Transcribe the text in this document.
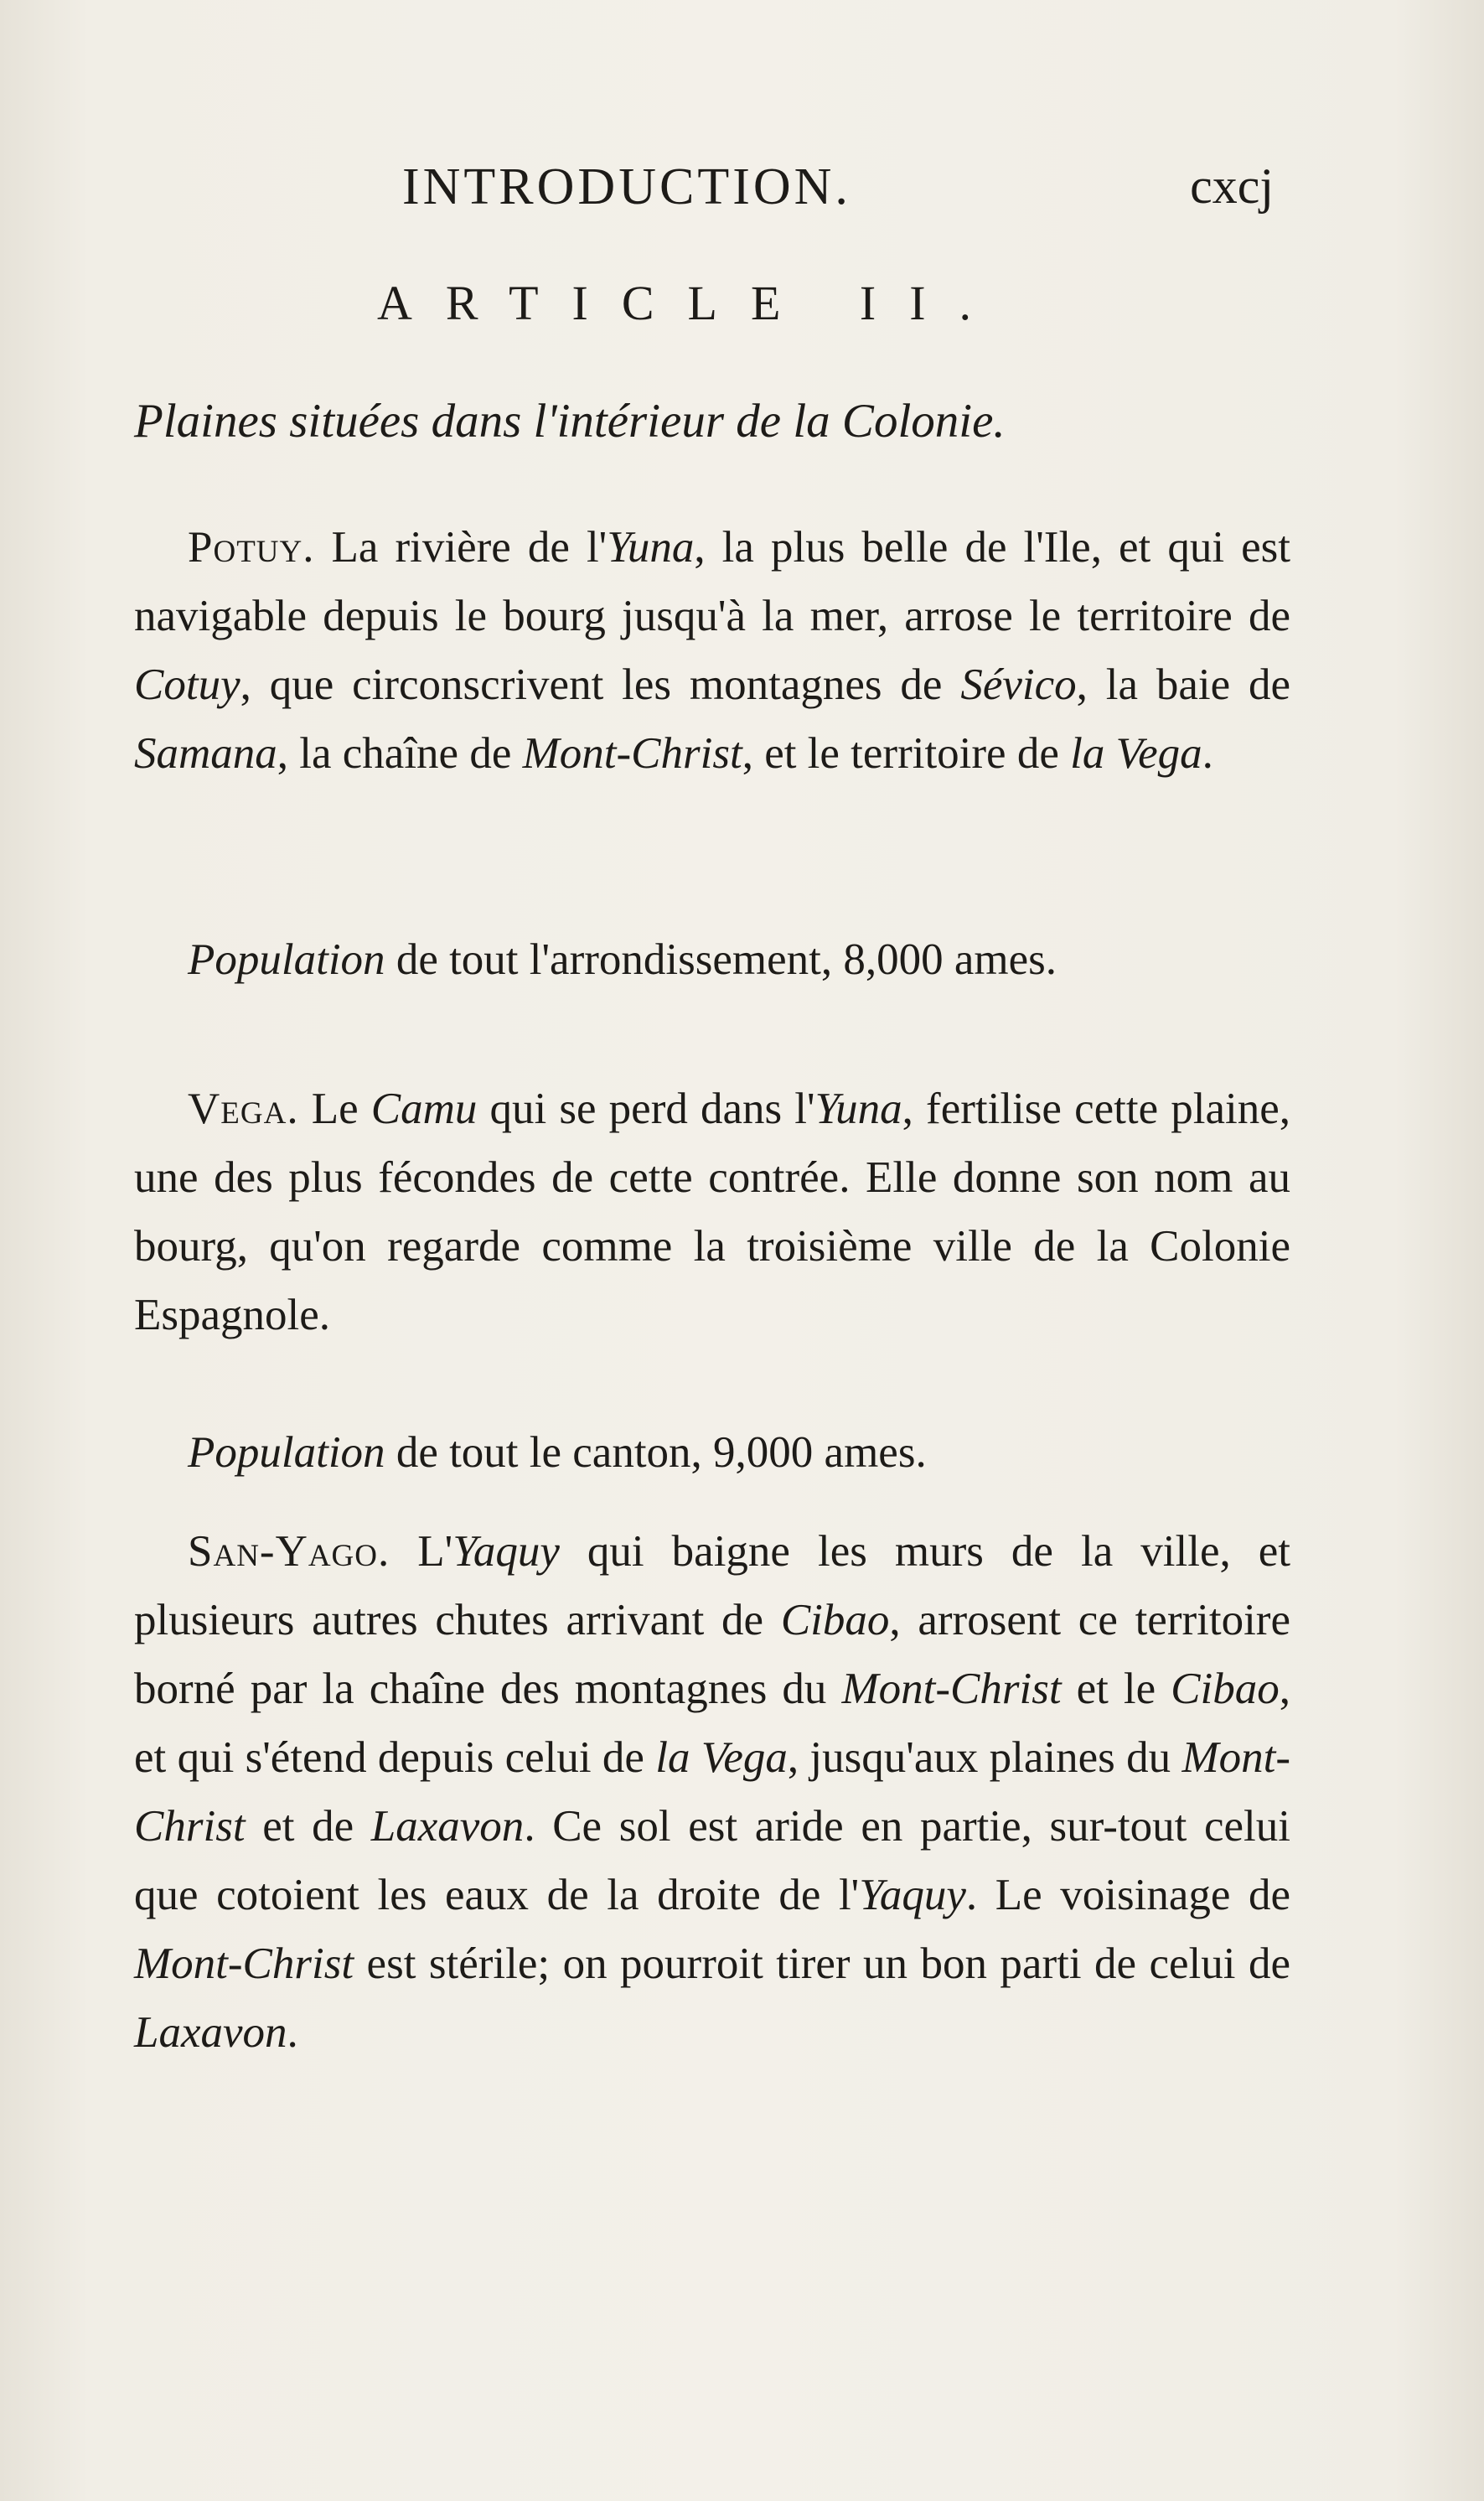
INTRODUCTION.	cxcj
ARTICLE II.
Plaines situées dans l'intérieur de la Colonie.

Potuy. La rivière de l'Yuna, la plus belle de l'Ile, et qui est navigable depuis le bourg jusqu'à la mer, arrose le territoire de Cotuy, que circonscrivent les montagnes de Sévico, la baie de Samana, la chaîne de Mont-Christ, et le territoire de la Vega.

Population de tout l'arrondissement, 8,000 ames.

Vega. Le Camu qui se perd dans l'Yuna, fertilise cette plaine, une des plus fécondes de cette contrée. Elle donne son nom au bourg, qu'on regarde comme la troisième ville de la Colonie Espagnole.

Population de tout le canton, 9,000 ames.

San-Yago. L'Yaquy qui baigne les murs de la ville, et plusieurs autres chutes arrivant de Cibao, arrosent ce territoire borné par la chaîne des montagnes du Mont-Christ et le Cibao, et qui s'étend depuis celui de la Vega, jusqu'aux plaines du Mont-Christ et de Laxavon. Ce sol est aride en partie, sur-tout celui que cotoient les eaux de la droite de l'Yaquy. Le voisinage de Mont-Christ est stérile; on pourroit tirer un bon parti de celui de Laxavon.
